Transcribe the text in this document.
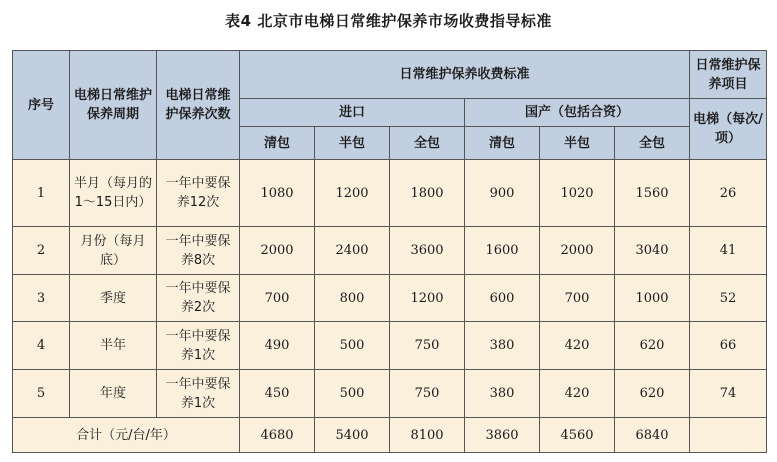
表4 北京市电梯日常维护保养市场收费指导标准
序号	电梯日常维护保养周期	电梯日常维护保养次数	日常维护保养收费标准						日常维护保养项目
			进口			国产（包括合资）			电梯（每次/项）
			清包	半包	全包	清包	半包	全包	
1	半月（每月的1～15日内）	一年中要保养12次	1080	1200	1800	900	1020	1560	26
2	月份（每月底）	一年中要保养8次	2000	2400	3600	1600	2000	3040	41
3	季度	一年中要保养2次	700	800	1200	600	700	1000	52
4	半年	一年中要保养1次	490	500	750	380	420	620	66
5	年度	一年中要保养1次	450	500	750	380	420	620	74
合计（元/台/年）			4680	5400	8100	3860	4560	6840	
